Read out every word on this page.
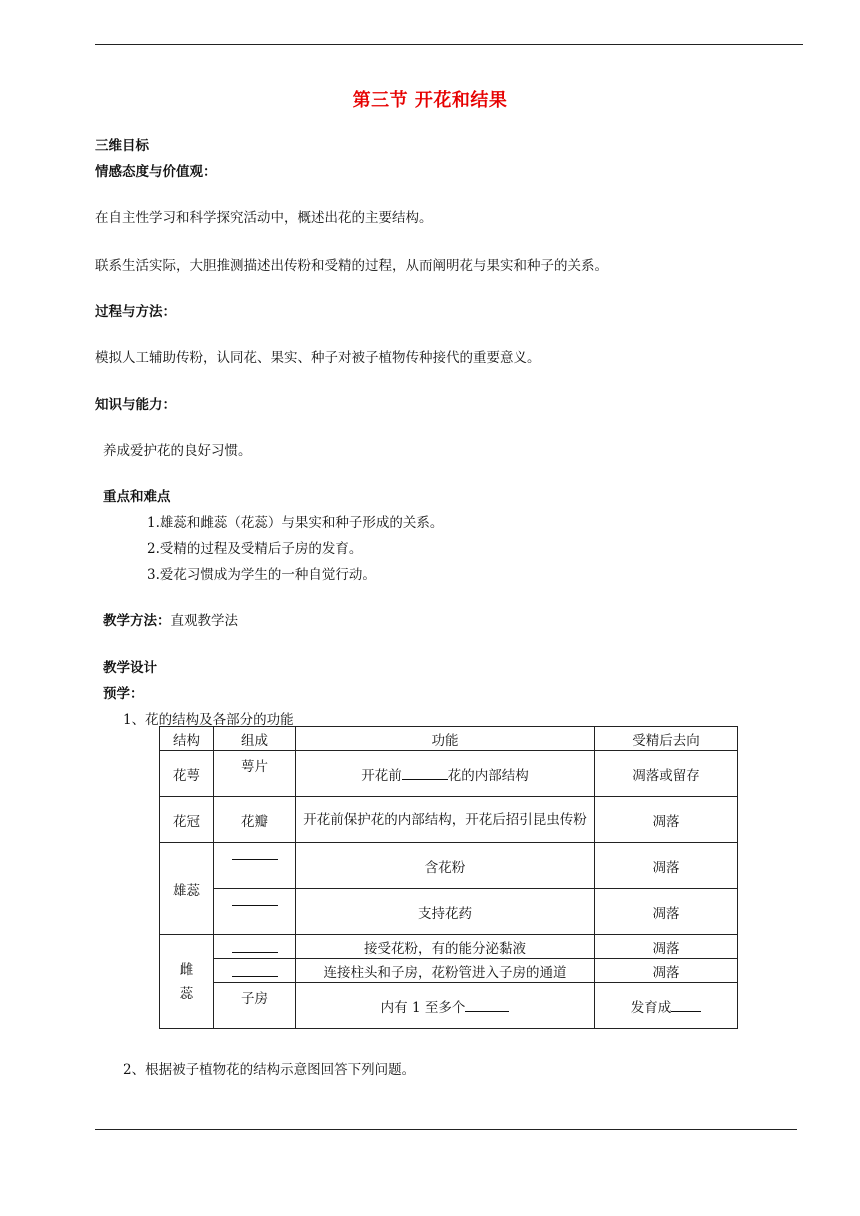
第三节 开花和结果
三维目标
情感态度与价值观：
在自主性学习和科学探究活动中，概述出花的主要结构。
联系生活实际，大胆推测描述出传粉和受精的过程，从而阐明花与果实和种子的关系。
过程与方法：
模拟人工辅助传粉，认同花、果实、种子对被子植物传种接代的重要意义。
知识与能力：
养成爱护花的良好习惯。
重点和难点
1.雄蕊和雌蕊（花蕊）与果实和种子形成的关系。
2.受精的过程及受精后子房的发育。
3.爱花习惯成为学生的一种自觉行动。
教学方法：直观教学法
教学设计
预学：
1、花的结构及各部分的功能
结构	组成	功能	受精后去向
花萼	萼片	开花前 花的内部结构	凋落或留存
花冠	花瓣	开花前保护花的内部结构，开花后招引昆虫传粉	凋落
雄蕊		含花粉	凋落

		支持花药	凋落
雌
蕊		接受花粉，有的能分泌黏液	凋落

		连接柱头和子房，花粉管进入子房的通道	凋落
	子房	内有 1 至多个	发育成
2、根据被子植物花的结构示意图回答下列问题。
